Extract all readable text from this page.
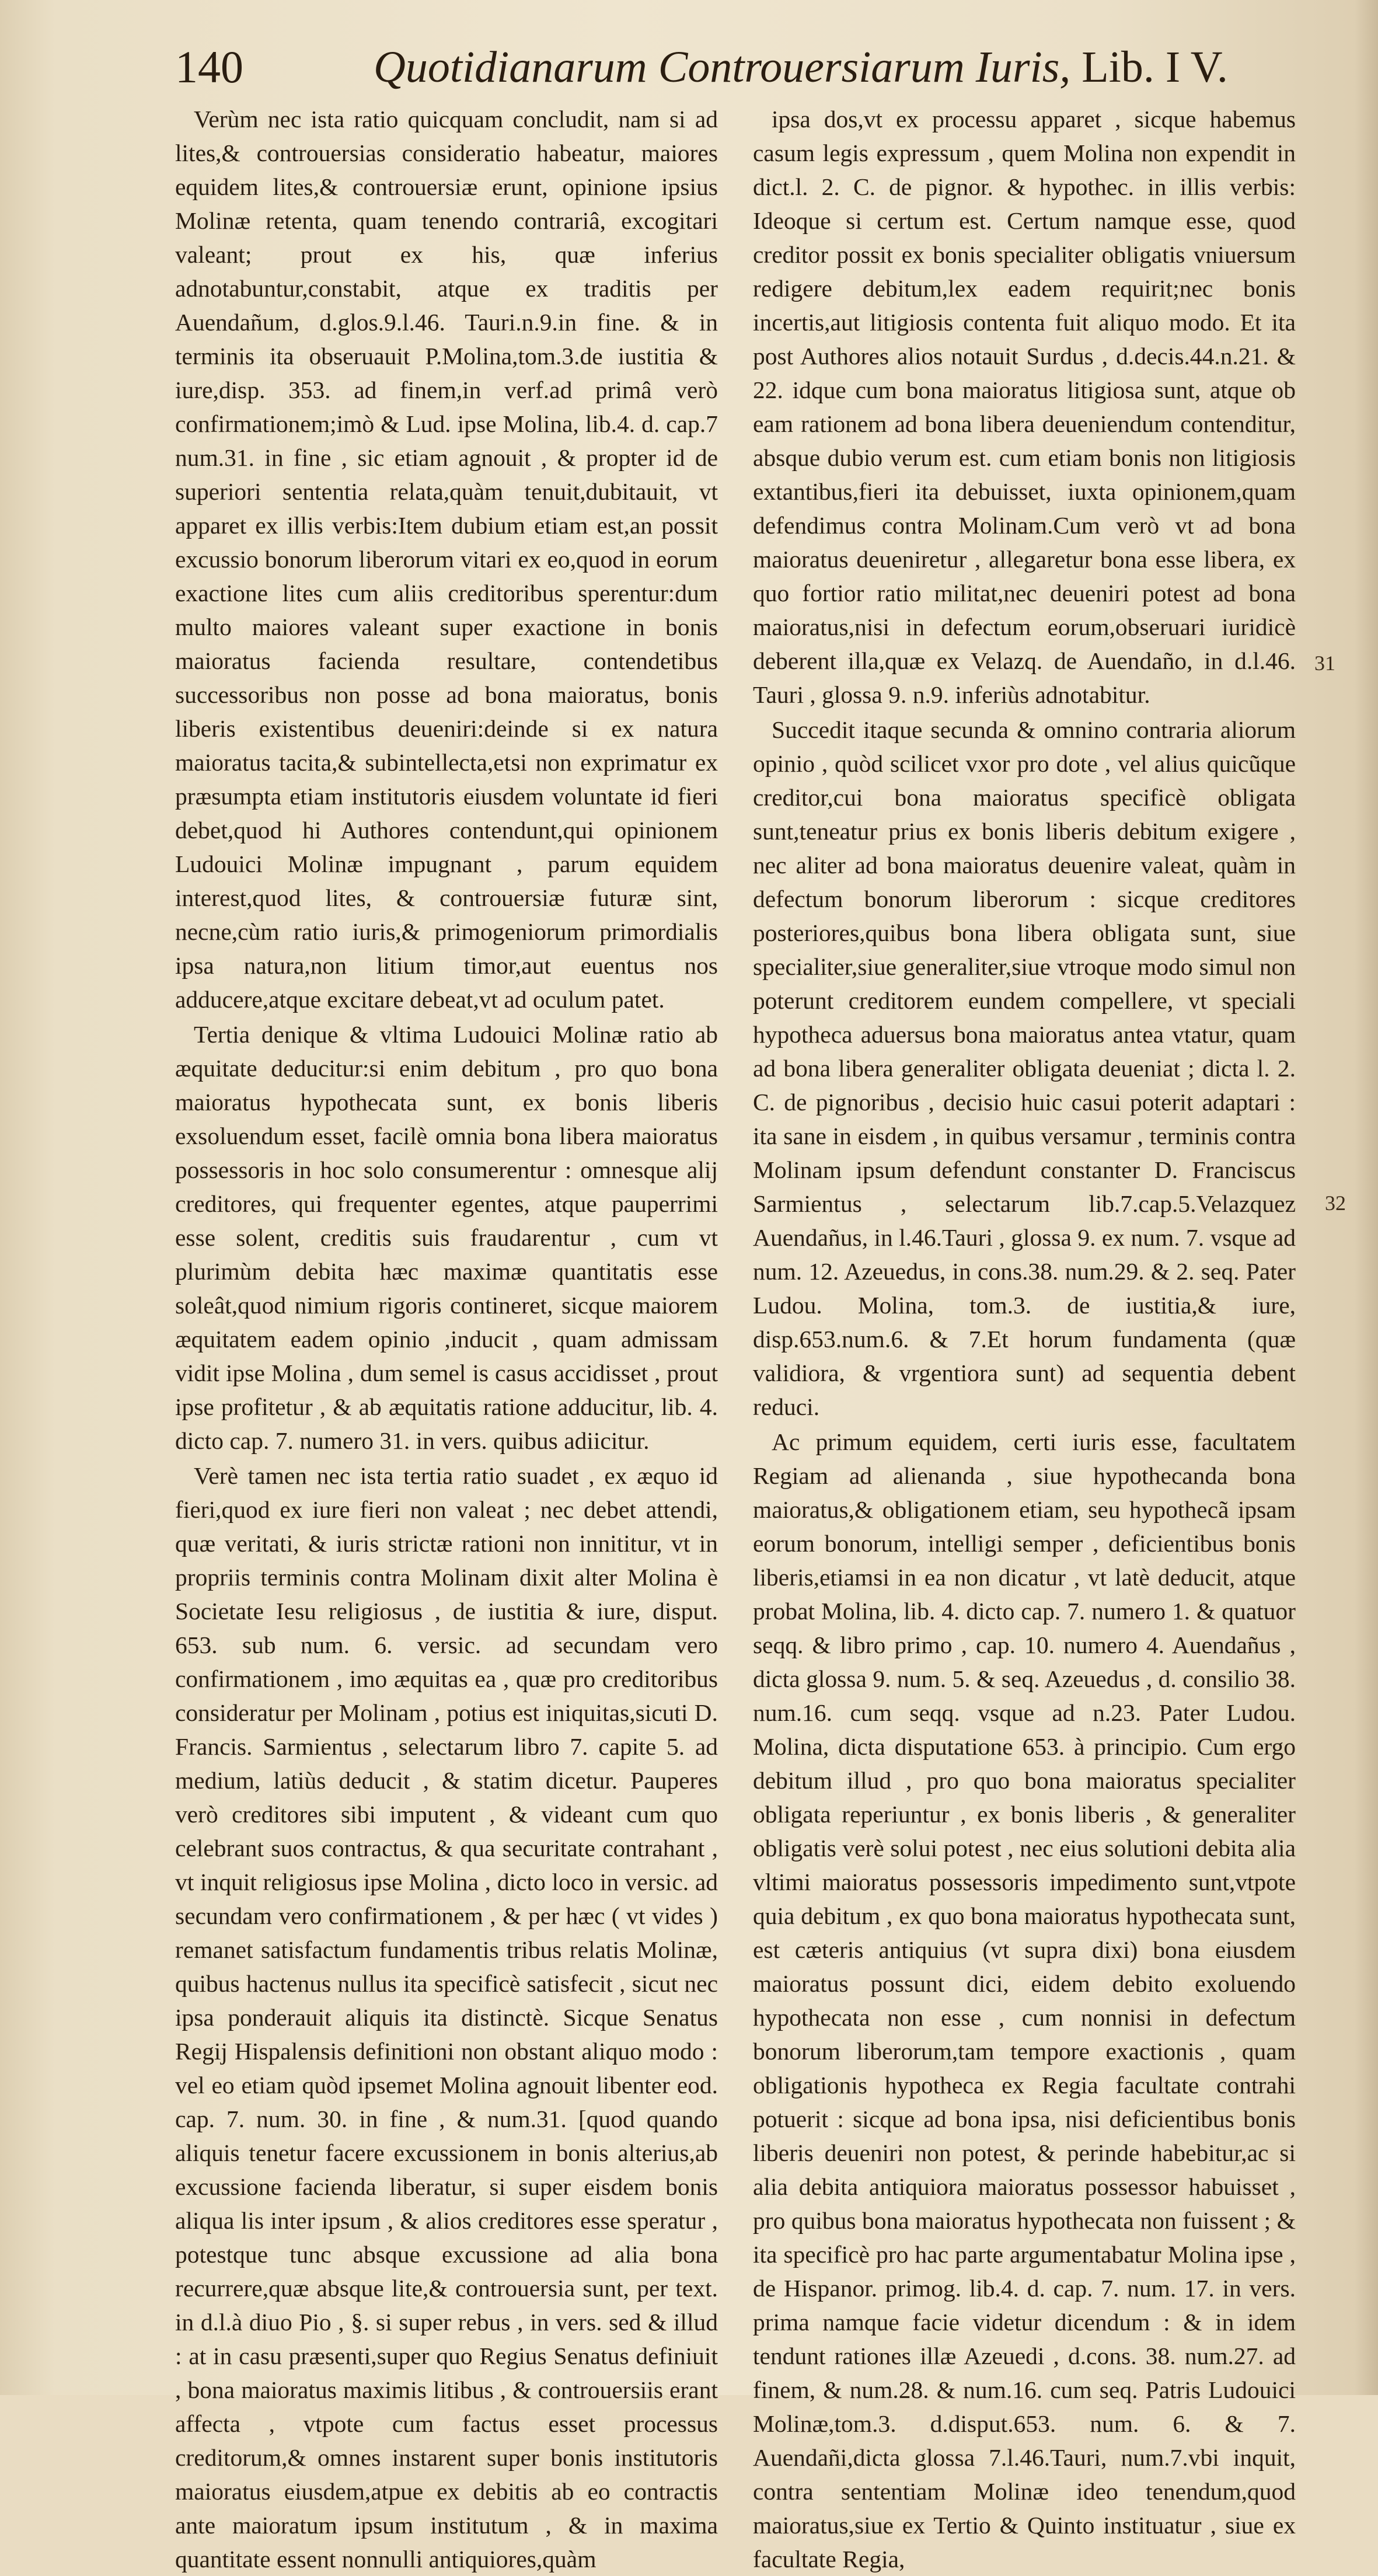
140	Quotidianarum Controuersiarum Iuris, Lib. I V.

Verùm nec ista ratio quicquam concludit, nam si ad lites,& controuersias consideratio habeatur, maiores equidem lites,& controuersiæ erunt, opinione ipsius Molinæ retenta, quam tenendo contrariâ, excogitari valeant; prout ex his, quæ inferius adnotabuntur,constabit, atque ex traditis per Auendañum, d.glos.9.l.46. Tauri.n.9.in fine. & in terminis ita obseruauit P.Molina,tom.3.de iustitia & iure,disp. 353. ad finem,in verf.ad primâ verò confirmationem;imò & Lud. ipse Molina, lib.4. d. cap.7 num.31. in fine , sic etiam agnouit , & propter id de superiori sententia relata,quàm tenuit,dubitauit, vt apparet ex illis verbis:Item dubium etiam est,an possit excussio bonorum liberorum vitari ex eo,quod in eorum exactione lites cum aliis creditoribus sperentur:dum multo maiores valeant super exactione in bonis maioratus facienda resultare, contendetibus successoribus non posse ad bona maioratus, bonis liberis existentibus deueniri:deinde si ex natura maioratus tacita,& subintellecta,etsi non exprimatur ex præsumpta etiam institutoris eiusdem voluntate id fieri debet,quod hi Authores contendunt,qui opinionem Ludouici Molinæ impugnant , parum equidem interest,quod lites, & controuersiæ futuræ sint, necne,cùm ratio iuris,& primogeniorum primordialis ipsa natura,non litium timor,aut euentus nos adducere,atque excitare debeat,vt ad oculum patet.

Tertia denique & vltima Ludouici Molinæ ratio ab æquitate deducitur:si enim debitum , pro quo bona maioratus hypothecata sunt, ex bonis liberis exsoluendum esset, facilè omnia bona libera maioratus possessoris in hoc solo consumerentur : omnesque alij creditores, qui frequenter egentes, atque pauperrimi esse solent, creditis suis fraudarentur , cum vt plurimùm debita hæc maximæ quantitatis esse soleât,quod nimium rigoris contineret, sicque maiorem æquitatem eadem opinio ,inducit , quam admissam vidit ipse Molina , dum semel is casus accidisset , prout ipse profitetur , & ab æquitatis ratione adducitur, lib. 4. dicto cap. 7. numero 31. in vers. quibus adiicitur.

Verè tamen nec ista tertia ratio suadet , ex æquo id fieri,quod ex iure fieri non valeat ; nec debet attendi, quæ veritati, & iuris strictæ rationi non innititur, vt in propriis terminis contra Molinam dixit alter Molina è Societate Iesu religiosus , de iustitia & iure, disput. 653. sub num. 6. versic. ad secundam vero confirmationem , imo æquitas ea , quæ pro creditoribus consideratur per Molinam , potius est iniquitas,sicuti D. Francis. Sarmientus , selectarum libro 7. capite 5. ad medium, latiùs deducit , & statim dicetur. Pauperes verò creditores sibi imputent , & videant cum quo celebrant suos contractus, & qua securitate contrahant , vt inquit religiosus ipse Molina , dicto loco in versic. ad secundam vero confirmationem , & per hæc ( vt vides ) remanet satisfactum fundamentis tribus relatis Molinæ, quibus hactenus nullus ita specificè satisfecit , sicut nec ipsa ponderauit aliquis ita distinctè. Sicque Senatus Regij Hispalensis definitioni non obstant aliquo modo : vel eo etiam quòd ipsemet Molina agnouit libenter eod. cap. 7. num. 30. in fine , & num.31. [quod quando aliquis tenetur facere excussionem in bonis alterius,ab excussione facienda liberatur, si super eisdem bonis aliqua lis inter ipsum , & alios creditores esse speratur , potestque tunc absque excussione ad alia bona recurrere,quæ absque lite,& controuersia sunt, per text. in d.l.à diuo Pio , §. si super rebus , in vers. sed & illud : at in casu præsenti,super quo Regius Senatus definiuit , bona maioratus maximis litibus , & controuersiis erant affecta , vtpote cum factus esset processus creditorum,& omnes instarent super bonis institutoris maioratus eiusdem,atpue ex debitis ab eo contractis ante maioratum ipsum institutum , & in maxima quantitate essent nonnulli antiquiores,quàm

ipsa dos,vt ex processu apparet , sicque habemus casum legis expressum , quem Molina non expendit in dict.l. 2. C. de pignor. & hypothec. in illis verbis: Ideoque si certum est. Certum namque esse, quod creditor possit ex bonis specialiter obligatis vniuersum redigere debitum,lex eadem requirit;nec bonis incertis,aut litigiosis contenta fuit aliquo modo. Et ita post Authores alios notauit Surdus , d.decis.44.n.21. & 22. idque cum bona maioratus litigiosa sunt, atque ob eam rationem ad bona libera deueniendum contenditur, absque dubio verum est. cum etiam bonis non litigiosis extantibus,fieri ita debuisset, iuxta opinionem,quam defendimus contra Molinam.Cum verò vt ad bona maioratus deueniretur , allegaretur bona esse libera, ex quo fortior ratio militat,nec deueniri potest ad bona maioratus,nisi in defectum eorum,obseruari iuridicè deberent illa,quæ ex Velazq. de Auendaño, in d.l.46. Tauri , glossa 9. n.9. inferiùs adnotabitur.

Succedit itaque secunda & omnino contraria aliorum opinio , quòd scilicet vxor pro dote , vel alius quicũque creditor,cui bona maioratus specificè obligata sunt,teneatur prius ex bonis liberis debitum exigere , nec aliter ad bona maioratus deuenire valeat, quàm in defectum bonorum liberorum : sicque creditores posteriores,quibus bona libera obligata sunt, siue specialiter,siue generaliter,siue vtroque modo simul non poterunt creditorem eundem compellere, vt speciali hypotheca aduersus bona maioratus antea vtatur, quam ad bona libera generaliter obligata deueniat ; dicta l. 2. C. de pignoribus , decisio huic casui poterit adaptari : ita sane in eisdem , in quibus versamur , terminis contra Molinam ipsum defendunt constanter D. Franciscus Sarmientus , selectarum lib.7.cap.5.Velazquez Auendañus, in l.46.Tauri , glossa 9. ex num. 7. vsque ad num. 12. Azeuedus, in cons.38. num.29. & 2. seq. Pater Ludou. Molina, tom.3. de iustitia,& iure, disp.653.num.6. & 7.Et horum fundamenta (quæ validiora, & vrgentiora sunt) ad sequentia debent reduci.

Ac primum equidem, certi iuris esse, facultatem Regiam ad alienanda , siue hypothecanda bona maioratus,& obligationem etiam, seu hypothecã ipsam eorum bonorum, intelligi semper , deficientibus bonis liberis,etiamsi in ea non dicatur , vt latè deducit, atque probat Molina, lib. 4. dicto cap. 7. numero 1. & quatuor seqq. & libro primo , cap. 10. numero 4. Auendañus , dicta glossa 9. num. 5. & seq. Azeuedus , d. consilio 38. num.16. cum seqq. vsque ad n.23. Pater Ludou. Molina, dicta disputatione 653. à principio. Cum ergo debitum illud , pro quo bona maioratus specialiter obligata reperiuntur , ex bonis liberis , & generaliter obligatis verè solui potest , nec eius solutioni debita alia vltimi maioratus possessoris impedimento sunt,vtpote quia debitum , ex quo bona maioratus hypothecata sunt, est cæteris antiquius (vt supra dixi) bona eiusdem maioratus possunt dici, eidem debito exoluendo hypothecata non esse , cum nonnisi in defectum bonorum liberorum,tam tempore exactionis , quam obligationis hypotheca ex Regia facultate contrahi potuerit : sicque ad bona ipsa, nisi deficientibus bonis liberis deueniri non potest, & perinde habebitur,ac si alia debita antiquiora maioratus possessor habuisset , pro quibus bona maioratus hypothecata non fuissent ; & ita specificè pro hac parte argumentabatur Molina ipse , de Hispanor. primog. lib.4. d. cap. 7. num. 17. in vers. prima namque facie videtur dicendum : & in idem tendunt rationes illæ Azeuedi , d.cons. 38. num.27. ad finem, & num.28. & num.16. cum seq. Patris Ludouici Molinæ,tom.3. d.disput.653. num. 6. & 7. Auendañi,dicta glossa 7.l.46.Tauri, num.7.vbi inquit, contra sententiam Molinæ ideo tenendum,quod maioratus,siue ex Tertio & Quinto instituatur , siue ex facultate Regia,

31
32
